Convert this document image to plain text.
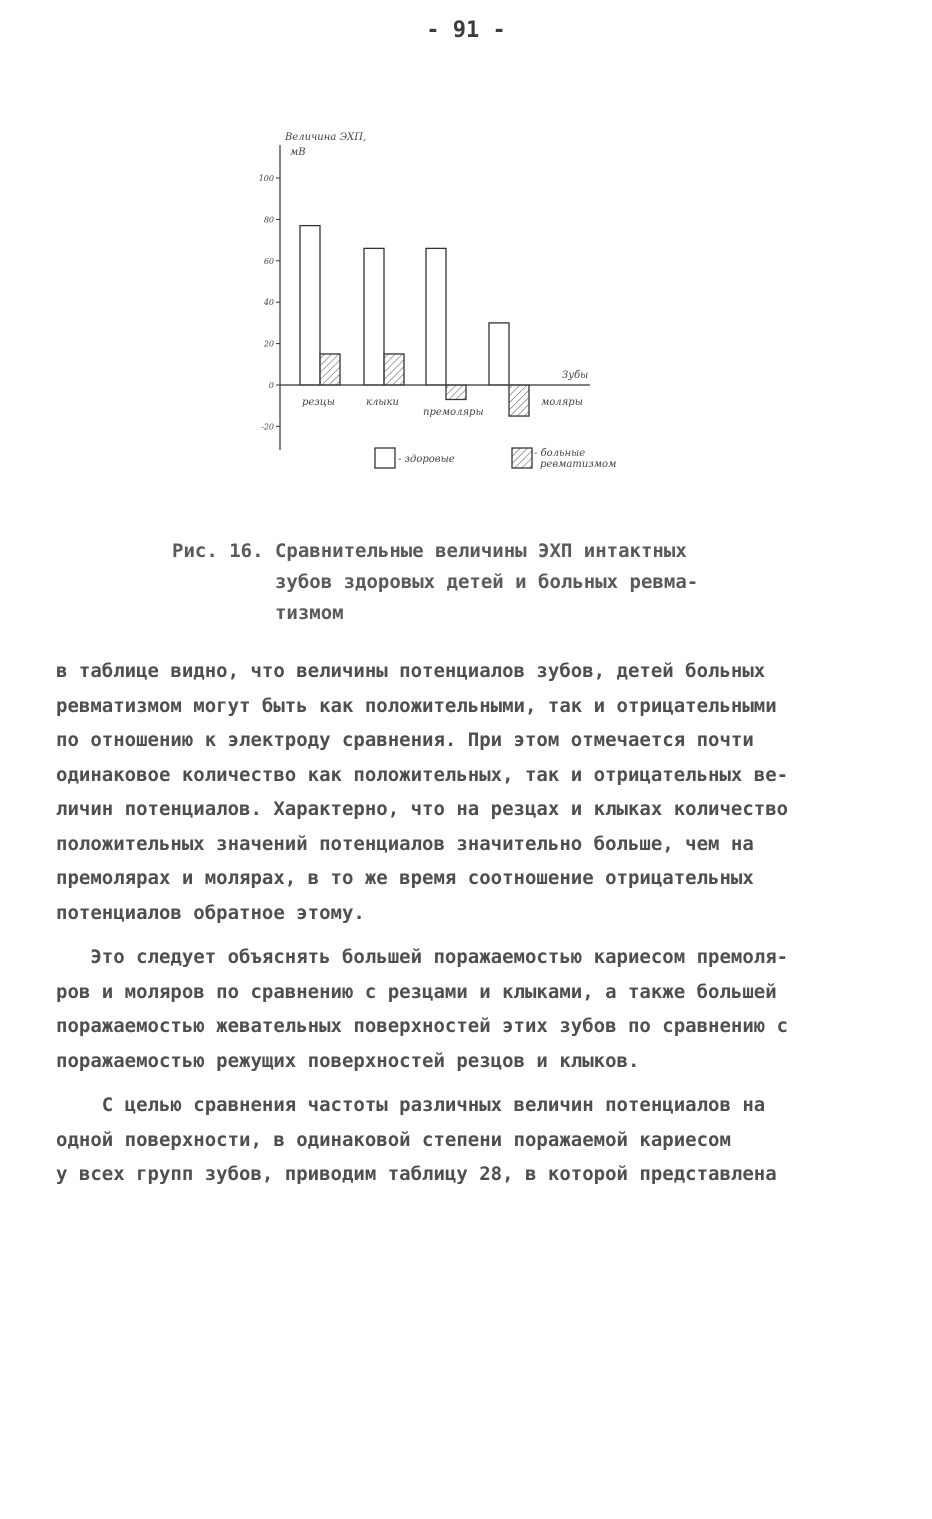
- 91 -
Величина ЭХП,
мВ
100
80
60
40
20
0
-20
резцы	клыки
премоляры
моляры
Зубы
- здоровые
- больные
ревматизмом
Рис. 16. Сравнительные величины ЭХП интактных
зубов здоровых детей и больных ревма-
тизмом
в таблице видно, что величины потенциалов зубов, детей больных
ревматизмом могут быть как положительными, так и отрицательными
по отношению к электроду сравнения. При этом отмечается почти
одинаковое количество как положительных, так и отрицательных ве-
личин потенциалов. Характерно, что на резцах и клыках количество
положительных значений потенциалов значительно больше, чем на
премолярах и молярах, в то же время соотношение отрицательных
потенциалов обратное этому.
Это следует объяснять большей поражаемостью кариесом премоля-
ров и моляров по сравнению с резцами и клыками, а также большей
поражаемостью жевательных поверхностей этих зубов по сравнению с
поражаемостью режущих поверхностей резцов и клыков.
С целью сравнения частоты различных величин потенциалов на
одной поверхности, в одинаковой степени поражаемой кариесом
у всех групп зубов, приводим таблицу 28, в которой представлена
